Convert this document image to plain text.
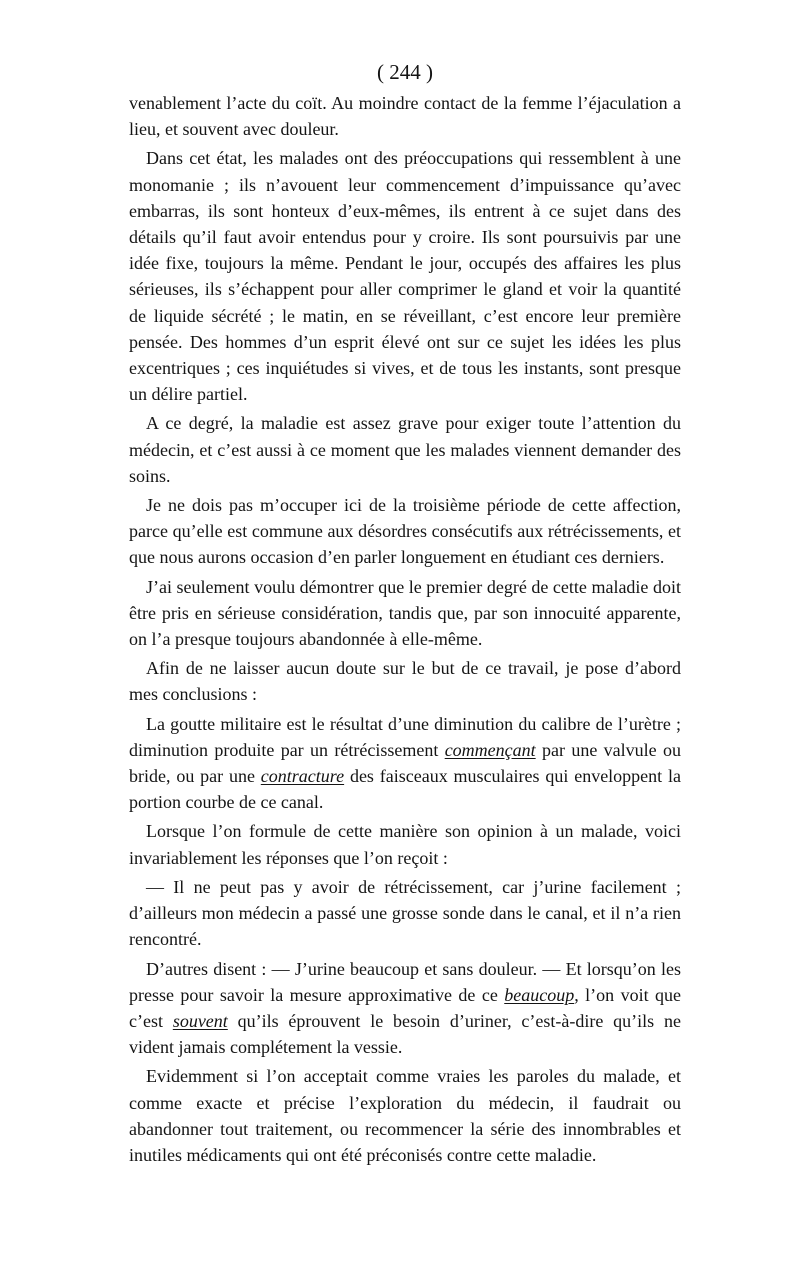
( 244 )

venablement l’acte du coït. Au moindre contact de la femme l’éjaculation a lieu, et souvent avec douleur.

Dans cet état, les malades ont des préoccupations qui ressemblent à une monomanie ; ils n’avouent leur commencement d’impuissance qu’avec embarras, ils sont honteux d’eux-mêmes, ils entrent à ce sujet dans des détails qu’il faut avoir entendus pour y croire. Ils sont poursuivis par une idée fixe, toujours la même. Pendant le jour, occupés des affaires les plus sérieuses, ils s’échappent pour aller comprimer le gland et voir la quantité de liquide sécrété ; le matin, en se réveillant, c’est encore leur première pensée. Des hommes d’un esprit élevé ont sur ce sujet les idées les plus excentriques ; ces inquiétudes si vives, et de tous les instants, sont presque un délire partiel.

A ce degré, la maladie est assez grave pour exiger toute l’attention du médecin, et c’est aussi à ce moment que les malades viennent demander des soins.

Je ne dois pas m’occuper ici de la troisième période de cette affection, parce qu’elle est commune aux désordres consécutifs aux rétrécissements, et que nous aurons occasion d’en parler longuement en étudiant ces derniers.

J’ai seulement voulu démontrer que le premier degré de cette maladie doit être pris en sérieuse considération, tandis que, par son innocuité apparente, on l’a presque toujours abandonnée à elle-même.

Afin de ne laisser aucun doute sur le but de ce travail, je pose d’abord mes conclusions :

La goutte militaire est le résultat d’une diminution du calibre de l’urètre ; diminution produite par un rétrécissement commençant par une valvule ou bride, ou par une contracture des faisceaux musculaires qui enveloppent la portion courbe de ce canal.

Lorsque l’on formule de cette manière son opinion à un malade, voici invariablement les réponses que l’on reçoit :

— Il ne peut pas y avoir de rétrécissement, car j’urine facilement ; d’ailleurs mon médecin a passé une grosse sonde dans le canal, et il n’a rien rencontré.

D’autres disent : — J’urine beaucoup et sans douleur. — Et lorsqu’on les presse pour savoir la mesure approximative de ce beaucoup, l’on voit que c’est souvent qu’ils éprouvent le besoin d’uriner, c’est-à-dire qu’ils ne vident jamais complétement la vessie.

Evidemment si l’on acceptait comme vraies les paroles du malade, et comme exacte et précise l’exploration du médecin, il faudrait ou abandonner tout traitement, ou recommencer la série des innombrables et inutiles médicaments qui ont été préconisés contre cette maladie.
